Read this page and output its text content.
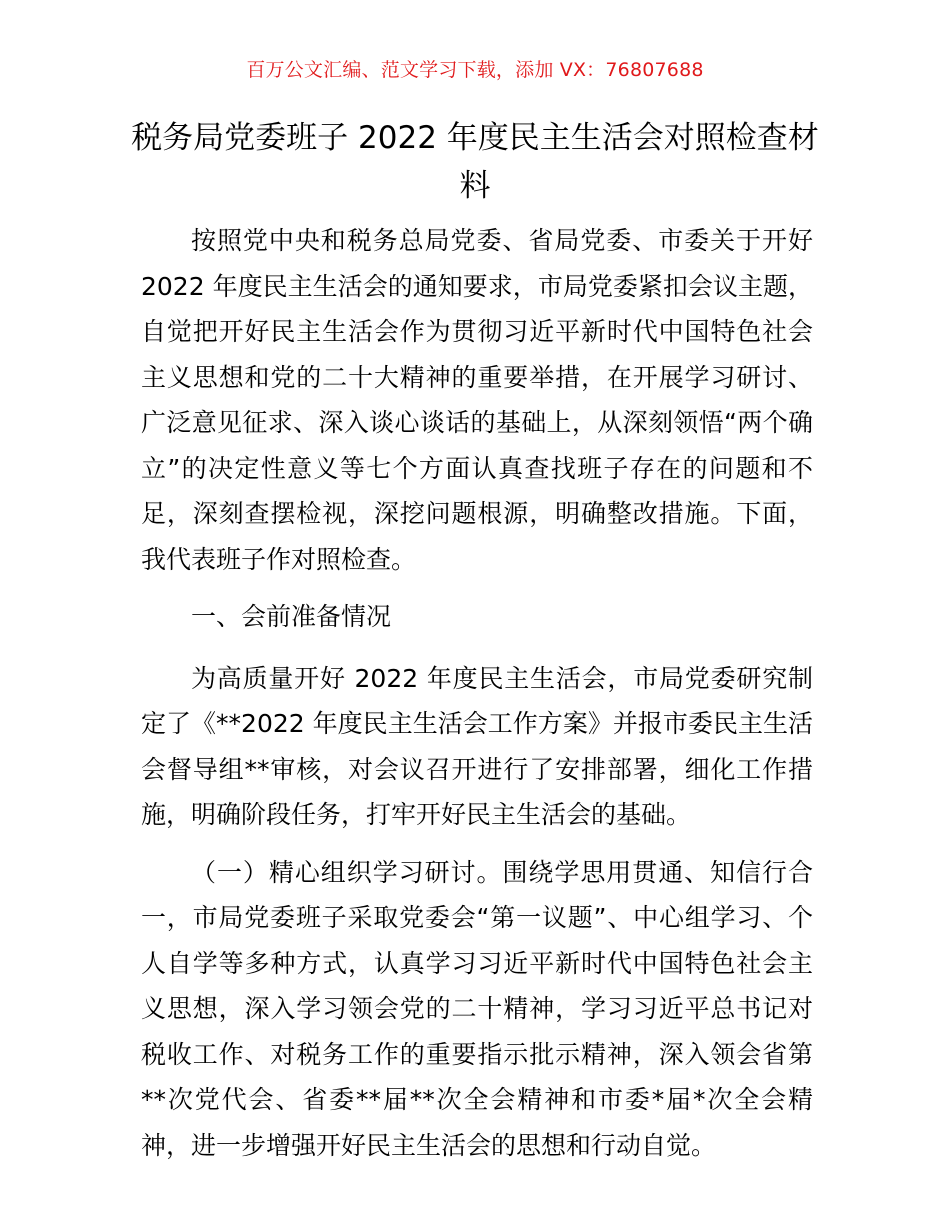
百万公文汇编、范文学习下载，添加 VX：76807688
税务局党委班子 2022 年度民主生活会对照检查材料

按照党中央和税务总局党委、省局党委、市委关于开好 2022 年度民主生活会的通知要求，市局党委紧扣会议主题，自觉把开好民主生活会作为贯彻习近平新时代中国特色社会主义思想和党的二十大精神的重要举措，在开展学习研讨、广泛意见征求、深入谈心谈话的基础上，从深刻领悟“两个确立”的决定性意义等七个方面认真查找班子存在的问题和不足，深刻查摆检视，深挖问题根源，明确整改措施。下面，我代表班子作对照检查。

一、会前准备情况

为高质量开好 2022 年度民主生活会，市局党委研究制定了《**2022 年度民主生活会工作方案》并报市委民主生活会督导组**审核，对会议召开进行了安排部署，细化工作措施，明确阶段任务，打牢开好民主生活会的基础。

（一）精心组织学习研讨。围绕学思用贯通、知信行合一，市局党委班子采取党委会“第一议题”、中心组学习、个人自学等多种方式，认真学习习近平新时代中国特色社会主义思想，深入学习领会党的二十精神，学习习近平总书记对税收工作、对税务工作的重要指示批示精神，深入领会省第**次党代会、省委**届**次全会精神和市委*届*次全会精神，进一步增强开好民主生活会的思想和行动自觉。
